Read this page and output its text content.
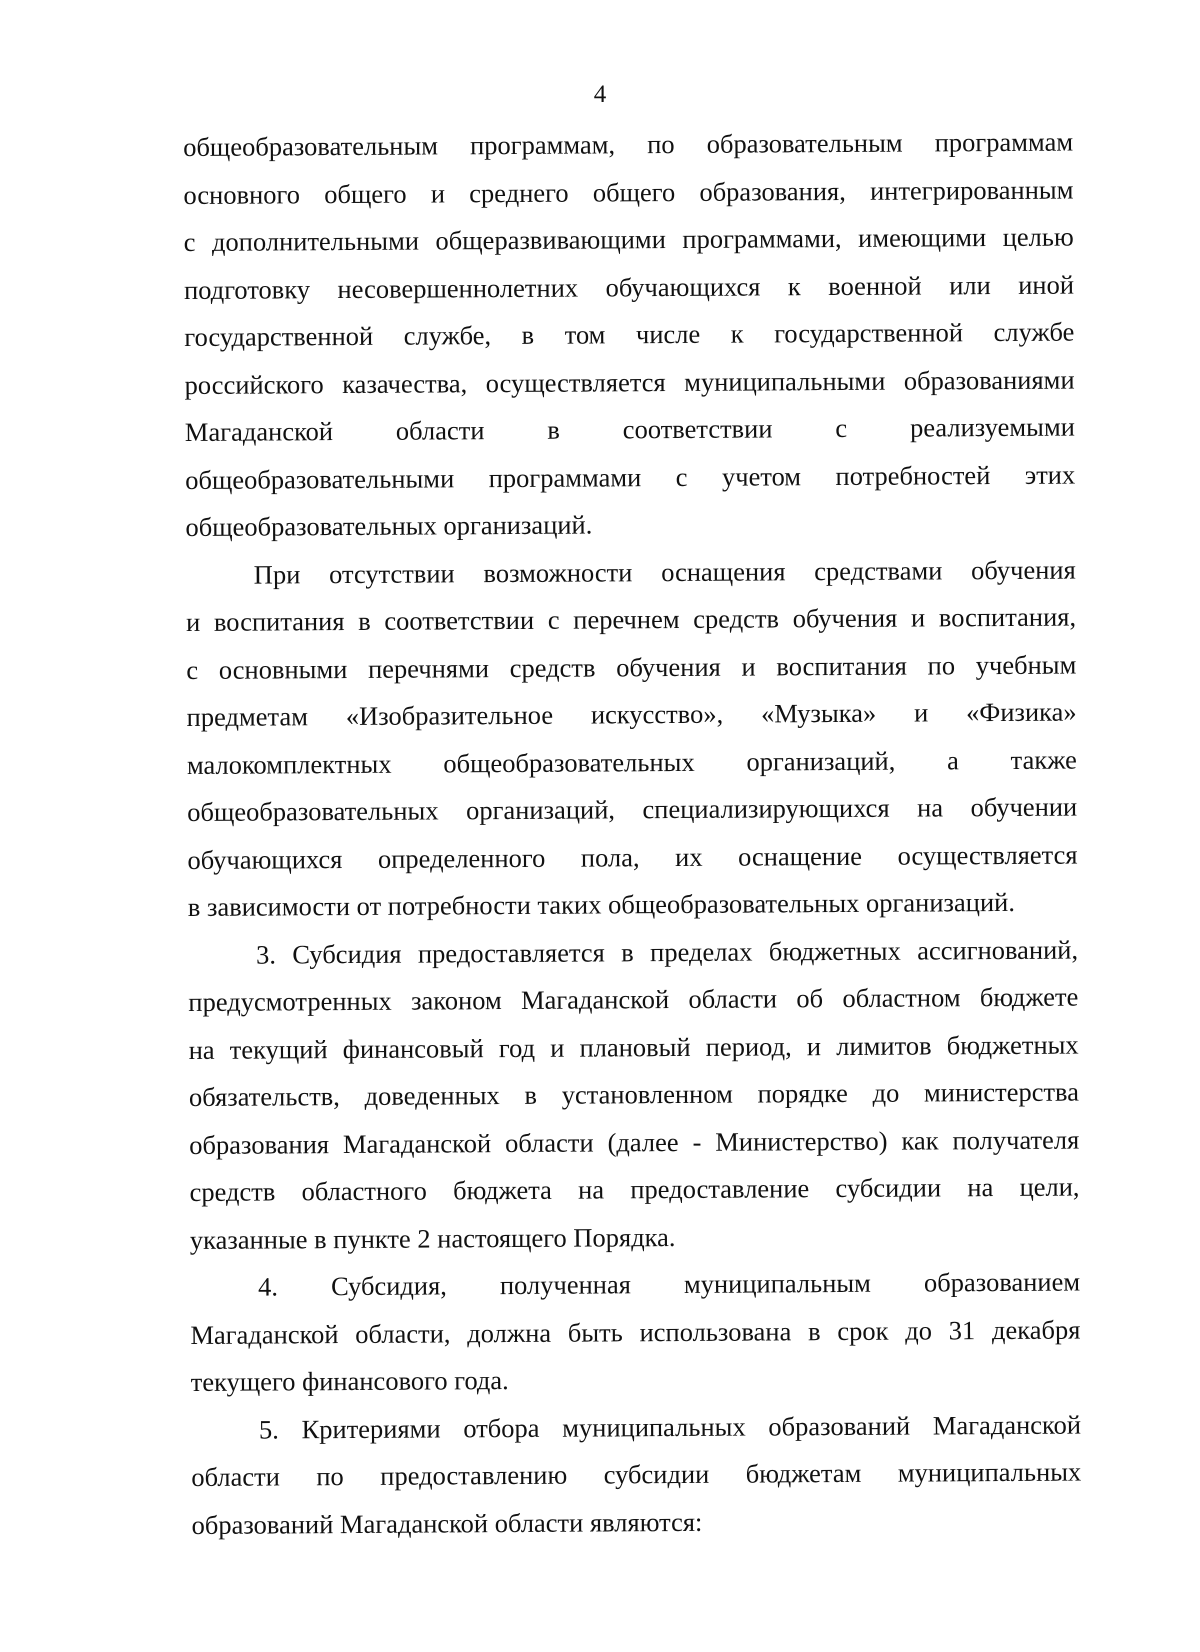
4
общеобразовательным программам, по образовательным программам
основного общего и среднего общего образования, интегрированным
с дополнительными общеразвивающими программами, имеющими целью
подготовку несовершеннолетних обучающихся к военной или иной
государственной службе, в том числе к государственной службе
российского казачества, осуществляется муниципальными образованиями
Магаданской области в соответствии с реализуемыми
общеобразовательными программами с учетом потребностей этих
общеобразовательных организаций.
При отсутствии возможности оснащения средствами обучения
и воспитания в соответствии с перечнем средств обучения и воспитания,
с основными перечнями средств обучения и воспитания по учебным
предметам «Изобразительное искусство», «Музыка» и «Физика»
малокомплектных общеобразовательных организаций, а также
общеобразовательных организаций, специализирующихся на обучении
обучающихся определенного пола, их оснащение осуществляется
в зависимости от потребности таких общеобразовательных организаций.
3. Субсидия предоставляется в пределах бюджетных ассигнований,
предусмотренных законом Магаданской области об областном бюджете
на текущий финансовый год и плановый период, и лимитов бюджетных
обязательств, доведенных в установленном порядке до министерства
образования Магаданской области (далее - Министерство) как получателя
средств областного бюджета на предоставление субсидии на цели,
указанные в пункте 2 настоящего Порядка.
4. Субсидия, полученная муниципальным образованием
Магаданской области, должна быть использована в срок до 31 декабря
текущего финансового года.
5. Критериями отбора муниципальных образований Магаданской
области по предоставлению субсидии бюджетам муниципальных
образований Магаданской области являются:
